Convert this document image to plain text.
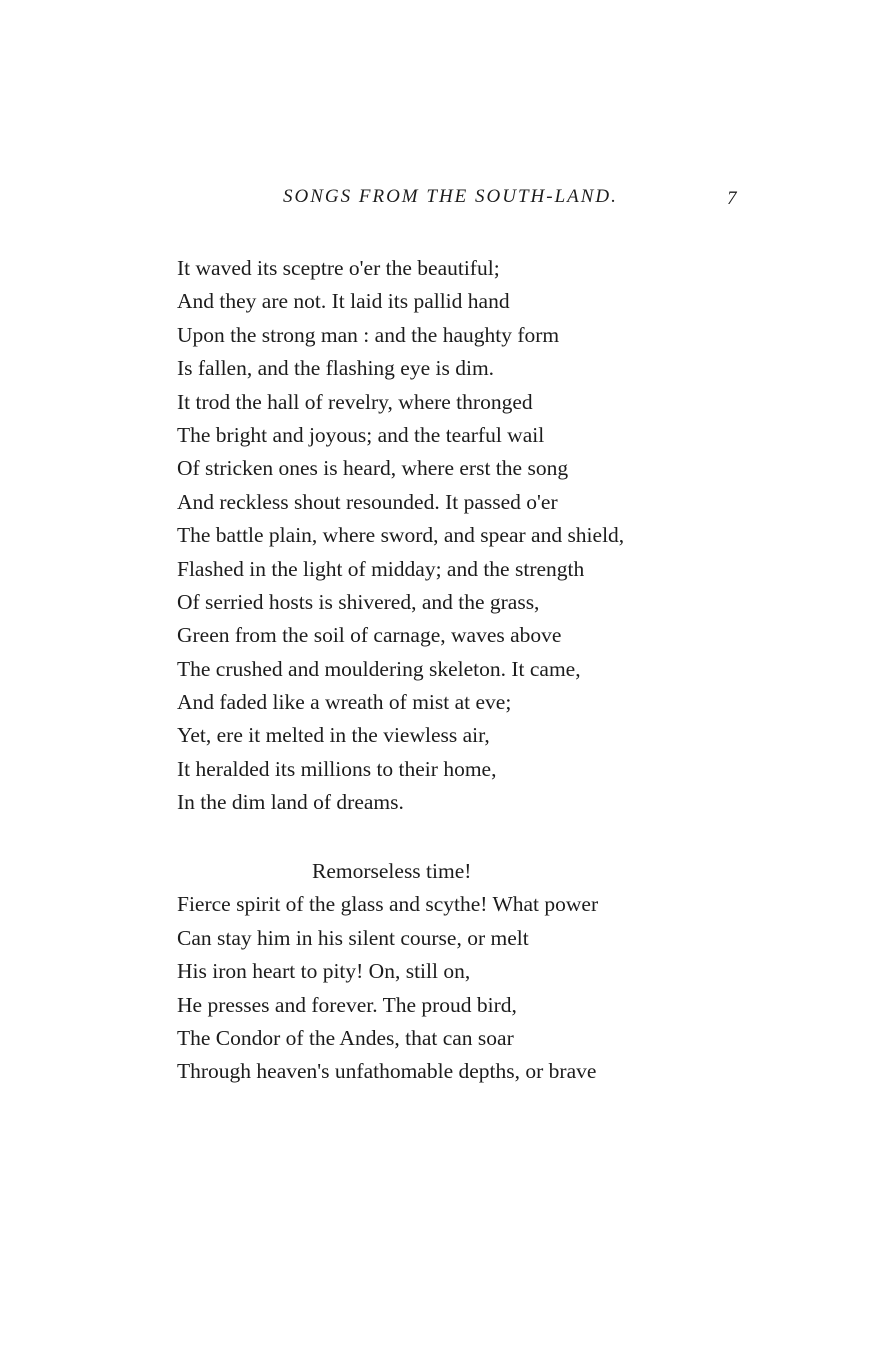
SONGS FROM THE SOUTH-LAND.	7
It waved its sceptre o'er the beautiful;
And they are not. It laid its pallid hand
Upon the strong man : and the haughty form
Is fallen, and the flashing eye is dim.
It trod the hall of revelry, where thronged
The bright and joyous; and the tearful wail
Of stricken ones is heard, where erst the song
And reckless shout resounded. It passed o'er
The battle plain, where sword, and spear and shield,
Flashed in the light of midday; and the strength
Of serried hosts is shivered, and the grass,
Green from the soil of carnage, waves above
The crushed and mouldering skeleton. It came,
And faded like a wreath of mist at eve;
Yet, ere it melted in the viewless air,
It heralded its millions to their home,
In the dim land of dreams.
Remorseless time!
Fierce spirit of the glass and scythe! What power
Can stay him in his silent course, or melt
His iron heart to pity! On, still on,
He presses and forever. The proud bird,
The Condor of the Andes, that can soar
Through heaven's unfathomable depths, or brave
